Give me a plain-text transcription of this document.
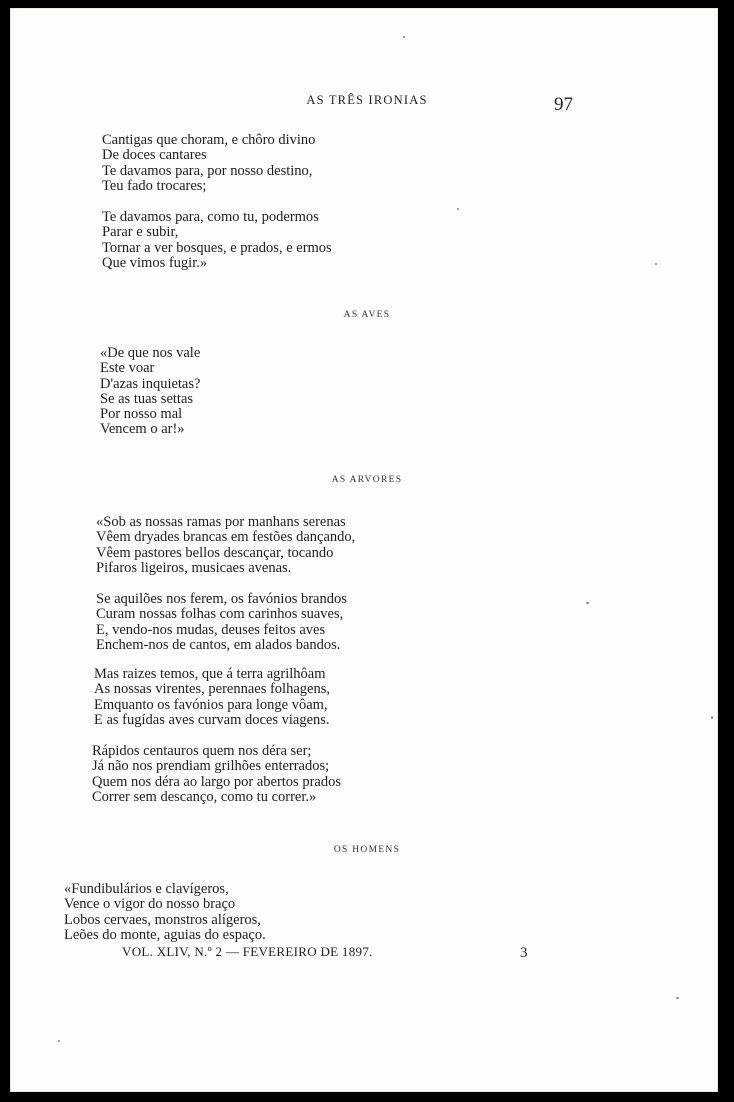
AS TRÊS IRONIAS	97
Cantigas que choram, e chôro divino
De doces cantares
Te davamos para, por nosso destino,
Teu fado trocares;
Te davamos para, como tu, podermos
Parar e subir,
Tornar a ver bosques, e prados, e ermos
Que vimos fugir.»
AS AVES
«De que nos vale
Este voar
D'azas inquietas?
Se as tuas settas
Por nosso mal
Vencem o ar!»
AS ARVORES
«Sob as nossas ramas por manhans serenas
Vêem dryades brancas em festões dançando,
Vêem pastores bellos descançar, tocando
Pifaros ligeiros, musicaes avenas.
Se aquilões nos ferem, os favónios brandos
Curam nossas folhas com carinhos suaves,
E, vendo-nos mudas, deuses feitos aves
Enchem-nos de cantos, em alados bandos.
Mas raizes temos, que á terra agrilhôam
As nossas virentes, perennaes folhagens,
Emquanto os favónios para longe vôam,
E as fugídas aves curvam doces viagens.
Rápidos centauros quem nos déra ser;
Já não nos prendiam grilhões enterrados;
Quem nos déra ao largo por abertos prados
Correr sem descanço, como tu correr.»
OS HOMENS
«Fundibulários e clavígeros,
Vence o vigor do nosso braço
Lobos cervaes, monstros alígeros,
Leões do monte, aguias do espaço.
VOL. XLIV, N.º 2 — FEVEREIRO DE 1897.	3
